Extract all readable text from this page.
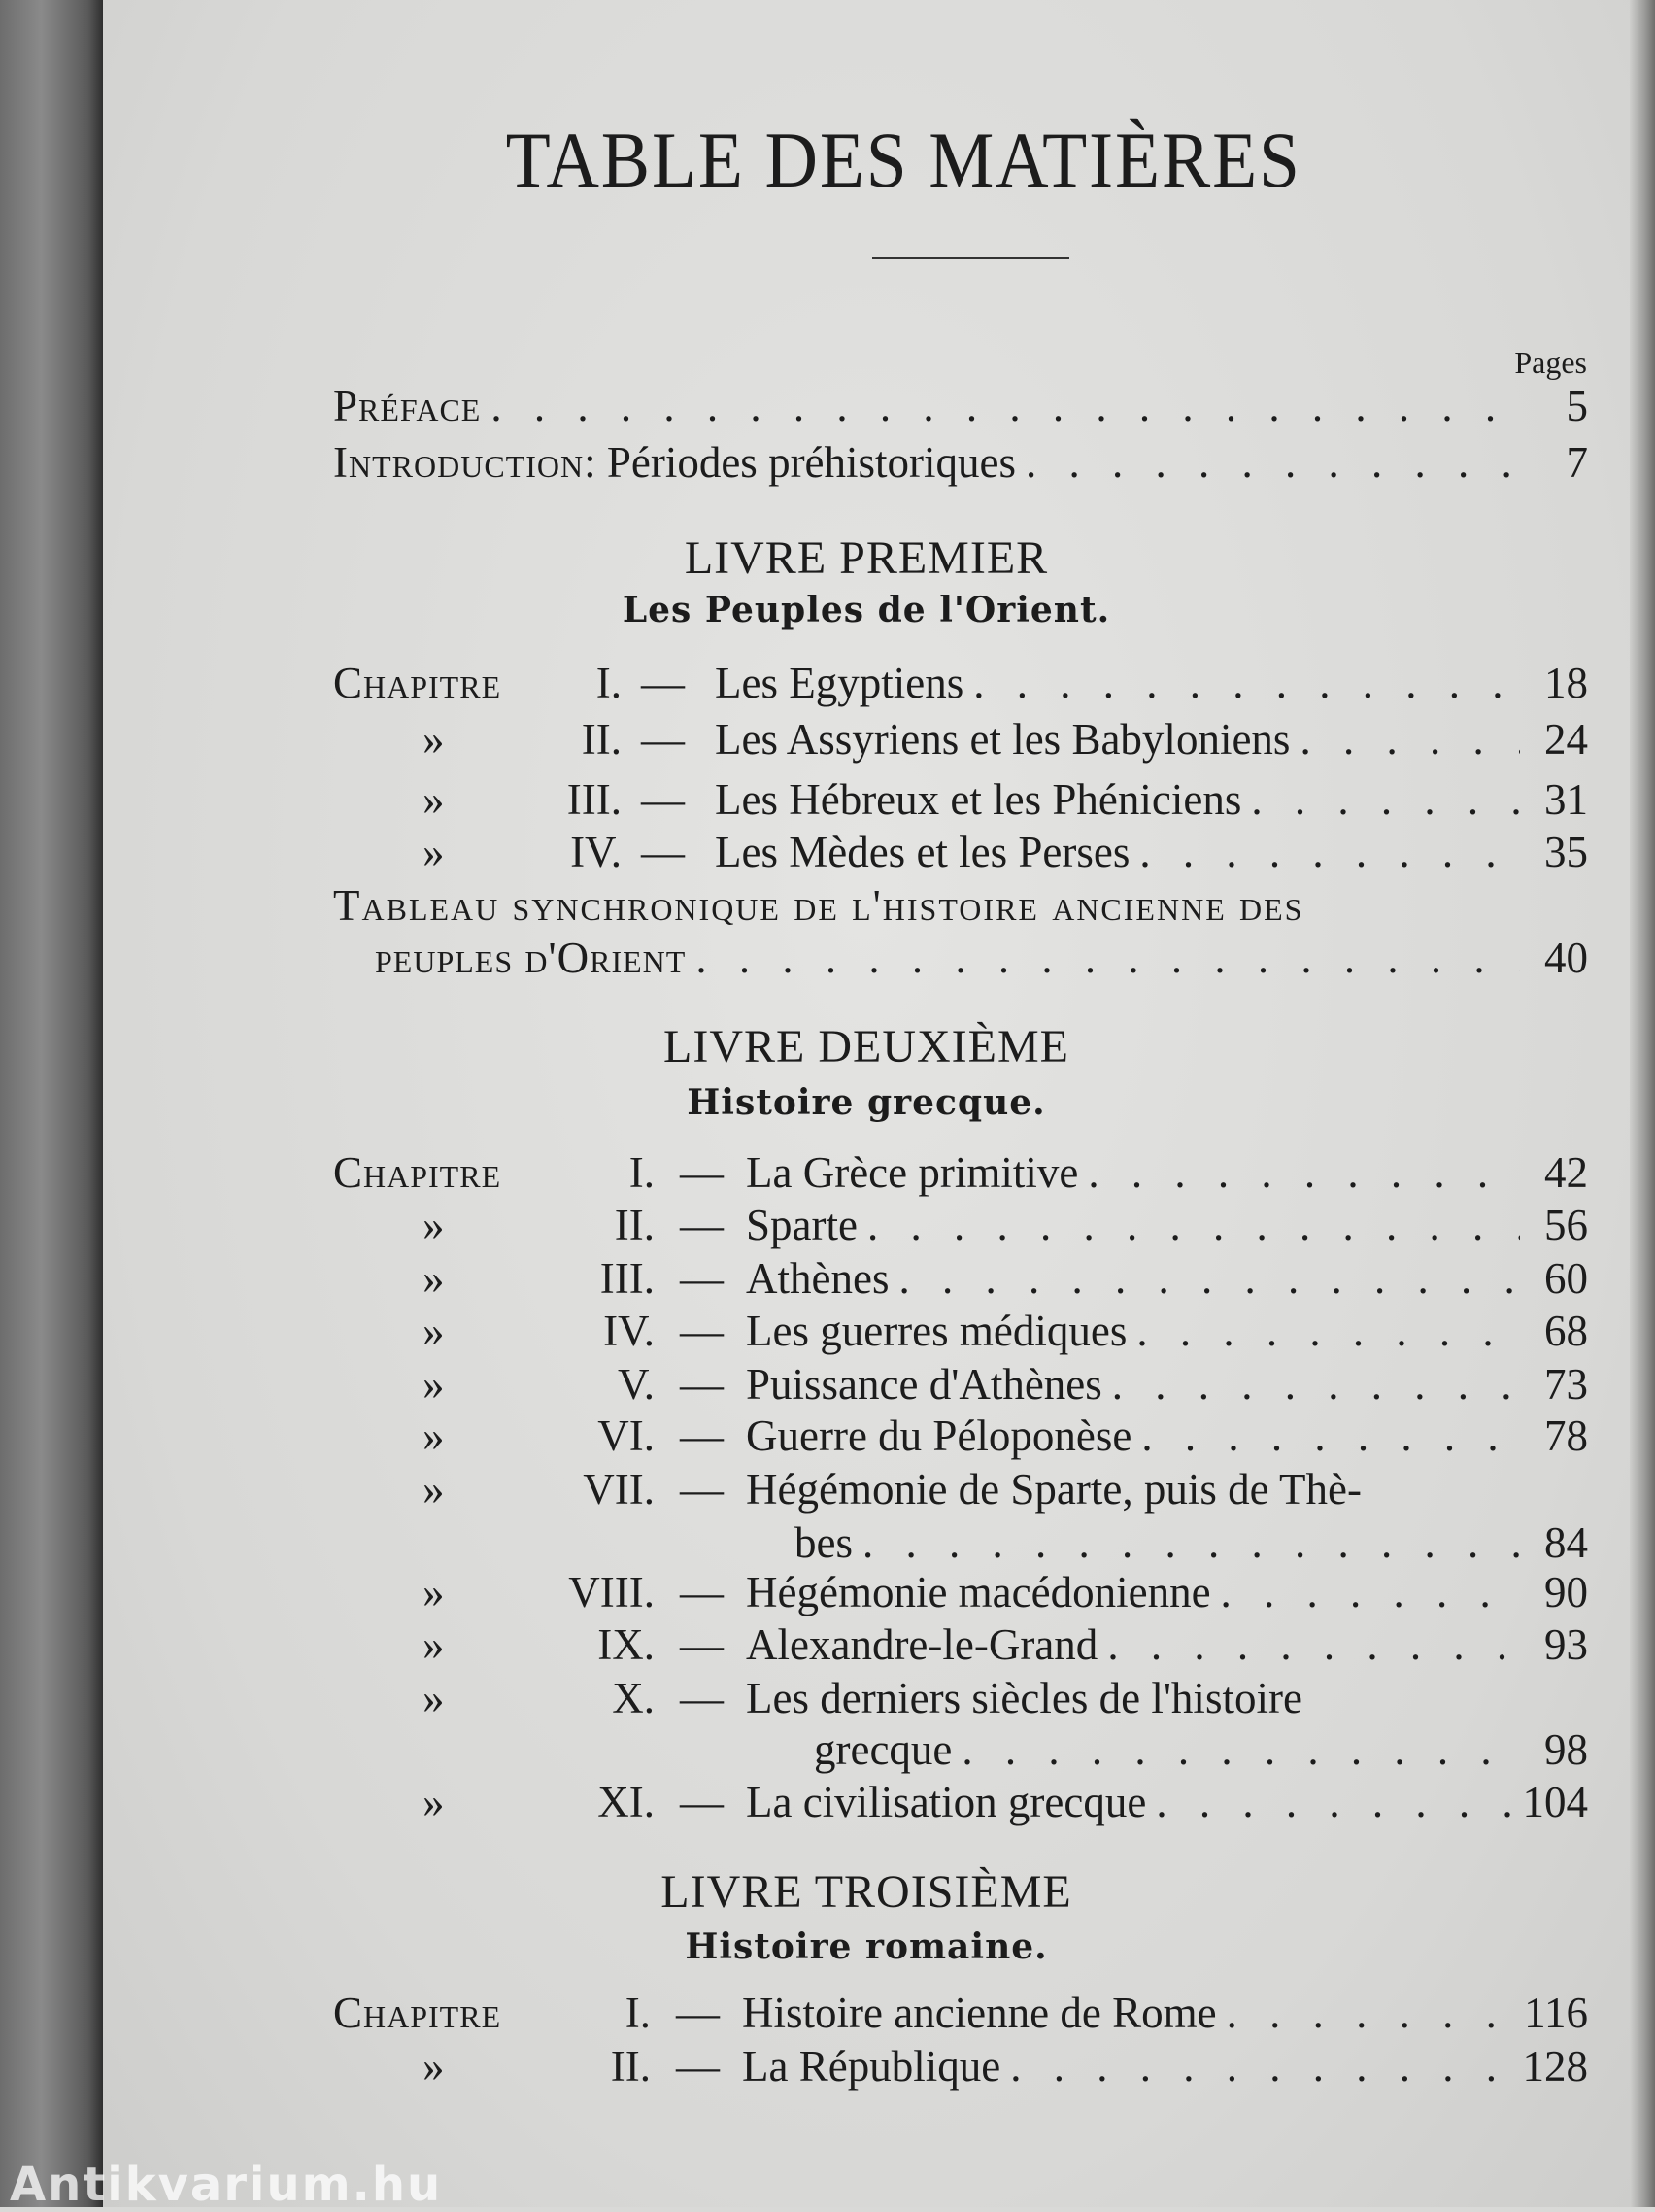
TABLE DES MATIÈRES
Pages
Préface . . .	5
Introduction : Périodes préhistoriques . . .	7
LIVRE PREMIER
Les Peuples de l'Orient.
Chapitre	I. — Les Egyptiens . . .	18
»	II. — Les Assyriens et les Babyloniens . . .	24
»	III. — Les Hébreux et les Phéniciens . . .	31
»	IV. — Les Mèdes et les Perses . . .	35
Tableau synchronique de l'histoire ancienne des
peuples d'Orient . . .	40
LIVRE DEUXIÈME
Histoire grecque.
Chapitre	I. — La Grèce primitive . . .	42
»	II. — Sparte . . .	56
»	III. — Athènes . . .	60
»	IV. — Les guerres médiques . . .	68
»	V. — Puissance d'Athènes . . .	73
»	VI. — Guerre du Péloponèse . . .	78
»	VII. — Hégémonie de Sparte, puis de Thè-
bes . . .	84
»	VIII. — Hégémonie macédonienne . . .	90
»	IX. — Alexandre-le-Grand . . .	93
»	X. — Les derniers siècles de l'histoire
grecque . . .	98
»	XI. — La civilisation grecque . . .	104
LIVRE TROISIÈME
Histoire romaine.
Chapitre	I. — Histoire ancienne de Rome . . .	116
»	II. — La République . . .	128
Antikvarium.hu
